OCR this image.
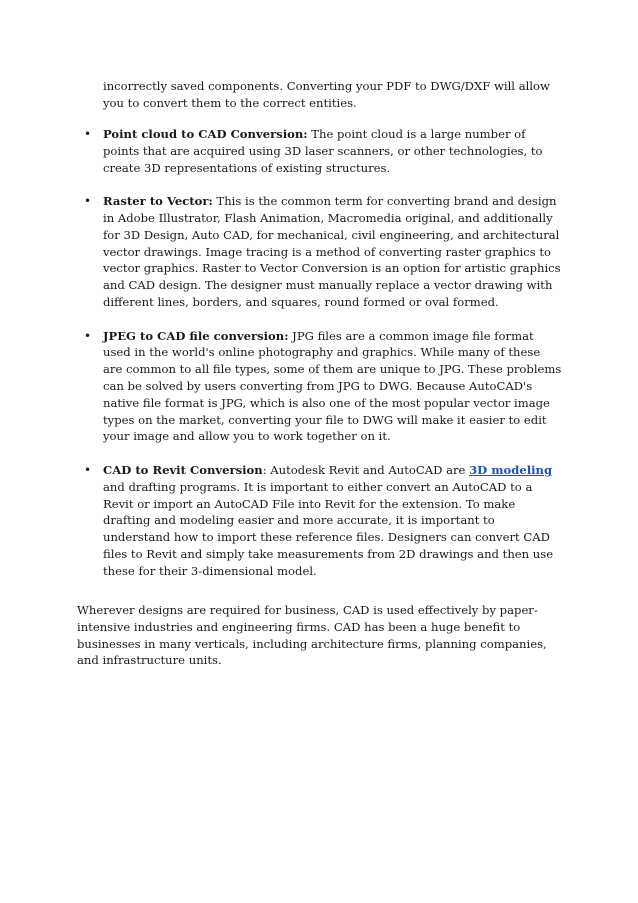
incorrectly saved components. Converting your PDF to DWG/DXF will allow you to convert them to the correct entities.

• Point cloud to CAD Conversion: The point cloud is a large number of points that are acquired using 3D laser scanners, or other technologies, to create 3D representations of existing structures.

• Raster to Vector: This is the common term for converting brand and design in Adobe Illustrator, Flash Animation, Macromedia original, and additionally for 3D Design, Auto CAD, for mechanical, civil engineering, and architectural vector drawings. Image tracing is a method of converting raster graphics to vector graphics. Raster to Vector Conversion is an option for artistic graphics and CAD design. The designer must manually replace a vector drawing with different lines, borders, and squares, round formed or oval formed.

• JPEG to CAD file conversion: JPG files are a common image file format used in the world's online photography and graphics. While many of these are common to all file types, some of them are unique to JPG. These problems can be solved by users converting from JPG to DWG. Because AutoCAD's native file format is JPG, which is also one of the most popular vector image types on the market, converting your file to DWG will make it easier to edit your image and allow you to work together on it.

• CAD to Revit Conversion: Autodesk Revit and AutoCAD are 3D modeling and drafting programs. It is important to either convert an AutoCAD to a Revit or import an AutoCAD File into Revit for the extension. To make drafting and modeling easier and more accurate, it is important to understand how to import these reference files. Designers can convert CAD files to Revit and simply take measurements from 2D drawings and then use these for their 3-dimensional model.

Wherever designs are required for business, CAD is used effectively by paper-intensive industries and engineering firms. CAD has been a huge benefit to businesses in many verticals, including architecture firms, planning companies, and infrastructure units.
